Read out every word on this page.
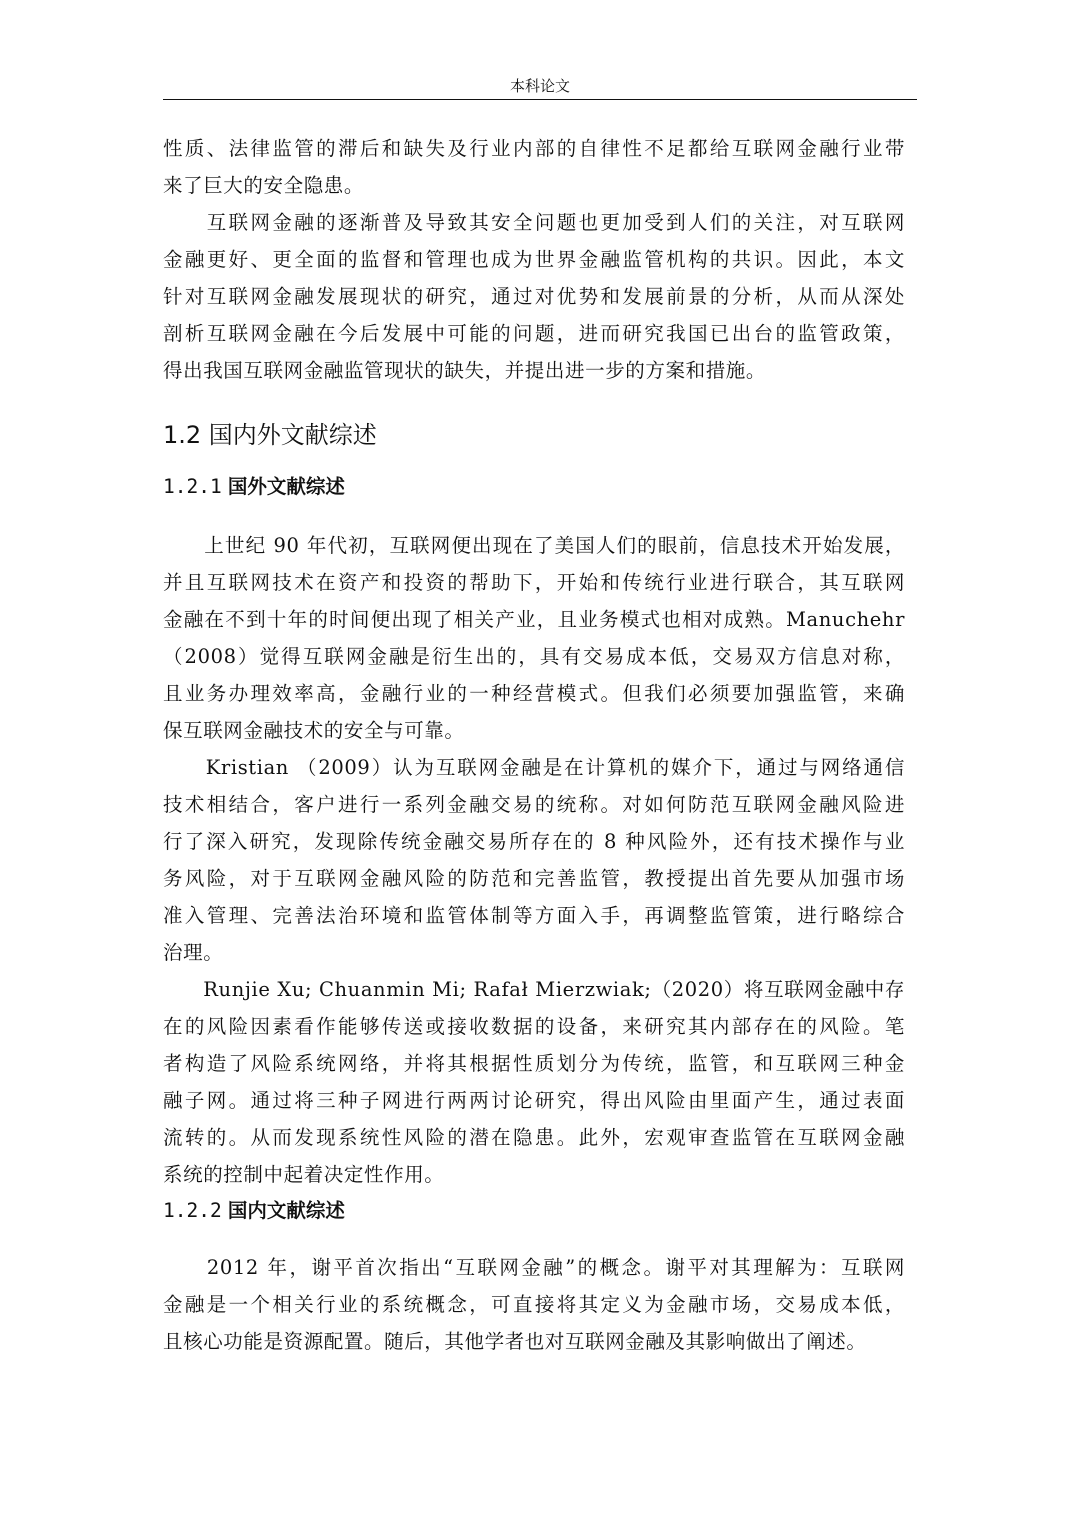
本科论文
性质、法律监管的滞后和缺失及行业内部的自律性不足都给互联网金融行业带
来了巨大的安全隐患。
　　互联网金融的逐渐普及导致其安全问题也更加受到人们的关注，对互联网
金融更好、更全面的监督和管理也成为世界金融监管机构的共识。因此，本文
针对互联网金融发展现状的研究，通过对优势和发展前景的分析，从而从深处
剖析互联网金融在今后发展中可能的问题，进而研究我国已出台的监管政策，
得出我国互联网金融监管现状的缺失，并提出进一步的方案和措施。
1.2 国内外文献综述
1.2.1 国外文献综述
　　上世纪 90 年代初，互联网便出现在了美国人们的眼前，信息技术开始发展，
并且互联网技术在资产和投资的帮助下，开始和传统行业进行联合，其互联网
金融在不到十年的时间便出现了相关产业，且业务模式也相对成熟。Manuchehr
（2008）觉得互联网金融是衍生出的，具有交易成本低，交易双方信息对称，
且业务办理效率高，金融行业的一种经营模式。但我们必须要加强监管，来确
保互联网金融技术的安全与可靠。
　　Kristian （2009）认为互联网金融是在计算机的媒介下，通过与网络通信
技术相结合，客户进行一系列金融交易的统称。对如何防范互联网金融风险进
行了深入研究，发现除传统金融交易所存在的 8 种风险外，还有技术操作与业
务风险，对于互联网金融风险的防范和完善监管，教授提出首先要从加强市场
准入管理、完善法治环境和监管体制等方面入手，再调整监管策，进行略综合
治理。
　　Runjie Xu; Chuanmin Mi; Rafał Mierzwiak;（2020）将互联网金融中存
在的风险因素看作能够传送或接收数据的设备，来研究其内部存在的风险。笔
者构造了风险系统网络，并将其根据性质划分为传统，监管，和互联网三种金
融子网。通过将三种子网进行两两讨论研究，得出风险由里面产生，通过表面
流转的。从而发现系统性风险的潜在隐患。此外，宏观审查监管在互联网金融
系统的控制中起着决定性作用。
1.2.2 国内文献综述
　　2012 年，谢平首次指出“互联网金融”的概念。谢平对其理解为：互联网
金融是一个相关行业的系统概念，可直接将其定义为金融市场，交易成本低，
且核心功能是资源配置。随后，其他学者也对互联网金融及其影响做出了阐述。
